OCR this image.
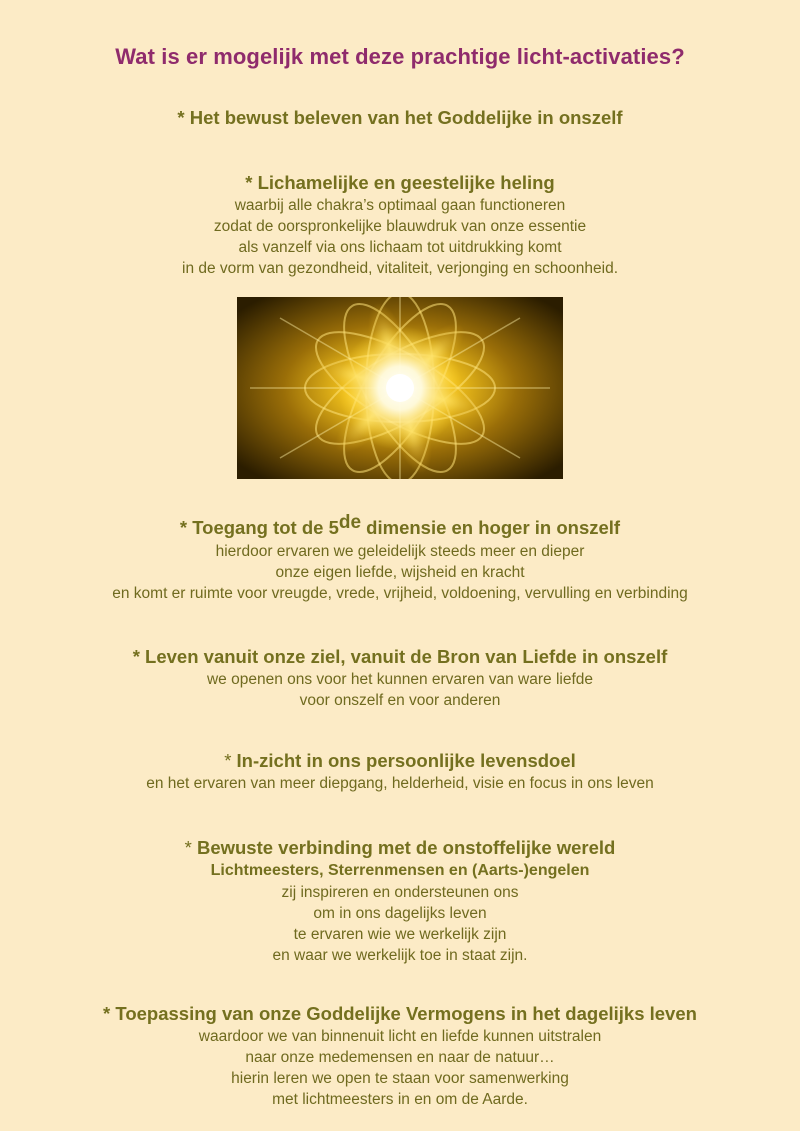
Wat is er mogelijk met deze prachtige licht-activaties?
* Het bewust beleven van het Goddelijke in onszelf
* Lichamelijke en geestelijke heling
waarbij alle chakra’s optimaal gaan functioneren
zodat de oorspronkelijke blauwdruk van onze essentie
als vanzelf via ons lichaam tot uitdrukking komt
in de vorm van gezondheid, vitaliteit, verjonging en schoonheid.
* Toegang tot de 5de dimensie en hoger in onszelf
hierdoor ervaren we geleidelijk steeds meer en dieper
onze eigen liefde, wijsheid en kracht
en komt er ruimte voor vreugde, vrede, vrijheid, voldoening, vervulling en verbinding
* Leven vanuit onze ziel, vanuit de Bron van Liefde in onszelf
we openen ons voor het kunnen ervaren van ware liefde
voor onszelf en voor anderen
* In-zicht in ons persoonlijke levensdoel
en het ervaren van meer diepgang, helderheid, visie en focus in ons leven
* Bewuste verbinding met de onstoffelijke wereld
Lichtmeesters, Sterrenmensen en (Aarts-)engelen
zij inspireren en ondersteunen ons
om in ons dagelijks leven
te ervaren wie we werkelijk zijn
en waar we werkelijk toe in staat zijn.
* Toepassing van onze Goddelijke Vermogens in het dagelijks leven
waardoor we van binnenuit licht en liefde kunnen uitstralen
naar onze medemensen en naar de natuur…
hierin leren we open te staan voor samenwerking
met lichtmeesters in en om de Aarde.
